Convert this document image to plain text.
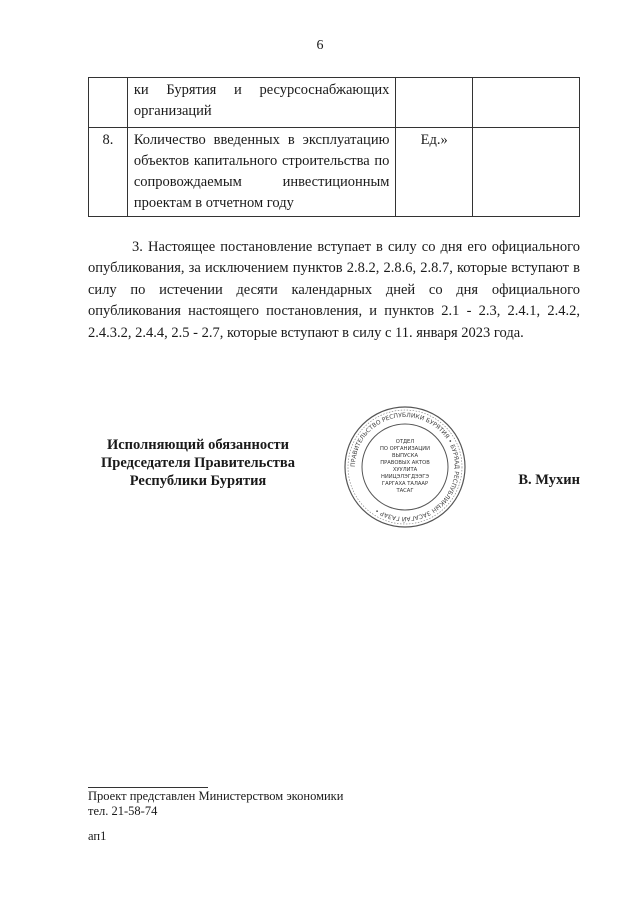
6
	ки Бурятия и ресурсоснабжающих организаций		
8.	Количество введенных в эксплуатацию объектов капитального строительства по сопровождаемым инвестиционным проектам в отчетном году	Ед.»	
3. Настоящее постановление вступает в силу со дня его официального опубликования, за исключением пунктов 2.8.2, 2.8.6, 2.8.7, которые вступают в силу по истечении десяти календарных дней со дня официального опубликования настоящего постановления, и пунктов 2.1 - 2.3, 2.4.1, 2.4.2, 2.4.3.2, 2.4.4, 2.5 - 2.7, которые вступают в силу с 11. января 2023 года.
Исполняющий обязанности
Председателя Правительства
Республики Бурятия
ПРАВИТЕЛЬСТВО РЕСПУБЛИКИ БУРЯТИЯ • БУРЯАД РЕСПУБЛИКЫН ЗАСАГАЙ ГАЗАР •
ОТДЕЛ
ПО ОРГАНИЗАЦИИ
ВЫПУСКА
ПРАВОВЫХ АКТОВ
ХУУЛИТА
НИИЦЭЛЭГДЭЭГЭ
ГАРГАХА ТАЛААР
ТАСАГ
В. Мухин
Проект представлен Министерством экономики
тел. 21-58-74
ап1
